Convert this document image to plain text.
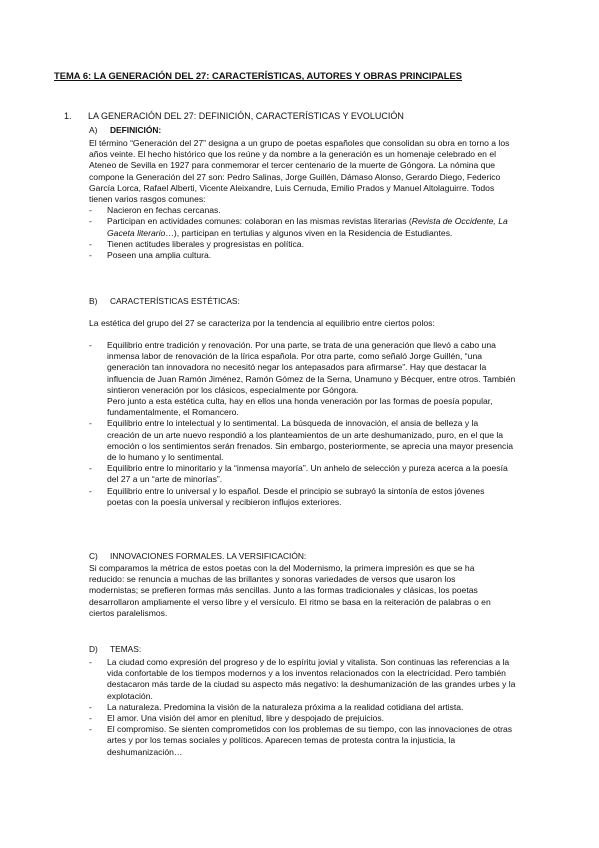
TEMA 6: LA GENERACIÓN DEL 27: CARACTERÍSTICAS, AUTORES Y OBRAS PRINCIPALES
1. LA GENERACIÓN DEL 27: DEFINICIÓN, CARACTERÍSTICAS Y EVOLUCIÓN
A) DEFINICIÓN:
El término “Generación del 27” designa a un grupo de poetas españoles que consolidan su obra en torno a los
años veinte. El hecho histórico que los reúne y da nombre a la generación es un homenaje celebrado en el
Ateneo de Sevilla en 1927 para conmemorar el tercer centenario de la muerte de Góngora. La nómina que
compone la Generación del 27 son: Pedro Salinas, Jorge Guillén, Dámaso Alonso, Gerardo Diego, Federico
García Lorca, Rafael Alberti, Vicente Aleixandre, Luis Cernuda, Emilio Prados y Manuel Altolaguirre. Todos
tienen varios rasgos comunes:
- Nacieron en fechas cercanas.
- Participan en actividades comunes: colaboran en las mismas revistas literarias (Revista de Occidente, La
Gaceta literario…), participan en tertulias y algunos viven en la Residencia de Estudiantes.
- Tienen actitudes liberales y progresistas en política.
- Poseen una amplia cultura.
B) CARACTERÍSTICAS ESTÉTICAS:
La estética del grupo del 27 se caracteriza por la tendencia al equilibrio entre ciertos polos:
- Equilibrio entre tradición y renovación. Por una parte, se trata de una generación que llevó a cabo una
inmensa labor de renovación de la lírica española. Por otra parte, como señaló Jorge Guillén, “una
generación tan innovadora no necesitó negar los antepasados para afirmarse”. Hay que destacar la
influencia de Juan Ramón Jiménez, Ramón Gómez de la Serna, Unamuno y Bécquer, entre otros. También
sintieron veneración por los clásicos, especialmente por Góngora.
Pero junto a esta estética culta, hay en ellos una honda veneración por las formas de poesía popular,
fundamentalmente, el Romancero.
- Equilibrio entre lo intelectual y lo sentimental. La búsqueda de innovación, el ansia de belleza y la
creación de un arte nuevo respondió a los planteamientos de un arte deshumanizado, puro, en el que la
emoción o los sentimientos serán frenados. Sin embargo, posteriormente, se aprecia una mayor presencia
de lo humano y lo sentimental.
- Equilibrio entre lo minoritario y la “inmensa mayoría”. Un anhelo de selección y pureza acerca a la poesía
del 27 a un “arte de minorías”.
- Equilibrio entre lo universal y lo español. Desde el principio se subrayó la sintonía de estos jóvenes
poetas con la poesía universal y recibieron influjos exteriores.
C) INNOVACIONES FORMALES. LA VERSIFICACIÓN:
Si comparamos la métrica de estos poetas con la del Modernismo, la primera impresión es que se ha
reducido: se renuncia a muchas de las brillantes y sonoras variedades de versos que usaron los
modernistas; se prefieren formas más sencillas. Junto a las formas tradicionales y clásicas, los poetas
desarrollaron ampliamente el verso libre y el versículo. El ritmo se basa en la reiteración de palabras o en
ciertos paralelismos.
D) TEMAS:
- La ciudad como expresión del progreso y de lo espíritu jovial y vitalista. Son continuas las referencias a la
vida confortable de los tiempos modernos y a los inventos relacionados con la electricidad. Pero también
destacaron más tarde de la ciudad su aspecto más negativo: la deshumanización de las grandes urbes y la
explotación.
- La naturaleza. Predomina la visión de la naturaleza próxima a la realidad cotidiana del artista.
- El amor. Una visión del amor en plenitud, libre y despojado de prejuicios.
- El compromiso. Se sienten comprometidos con los problemas de su tiempo, con las innovaciones de otras
artes y por los temas sociales y políticos. Aparecen temas de protesta contra la injusticia, la
deshumanización…
